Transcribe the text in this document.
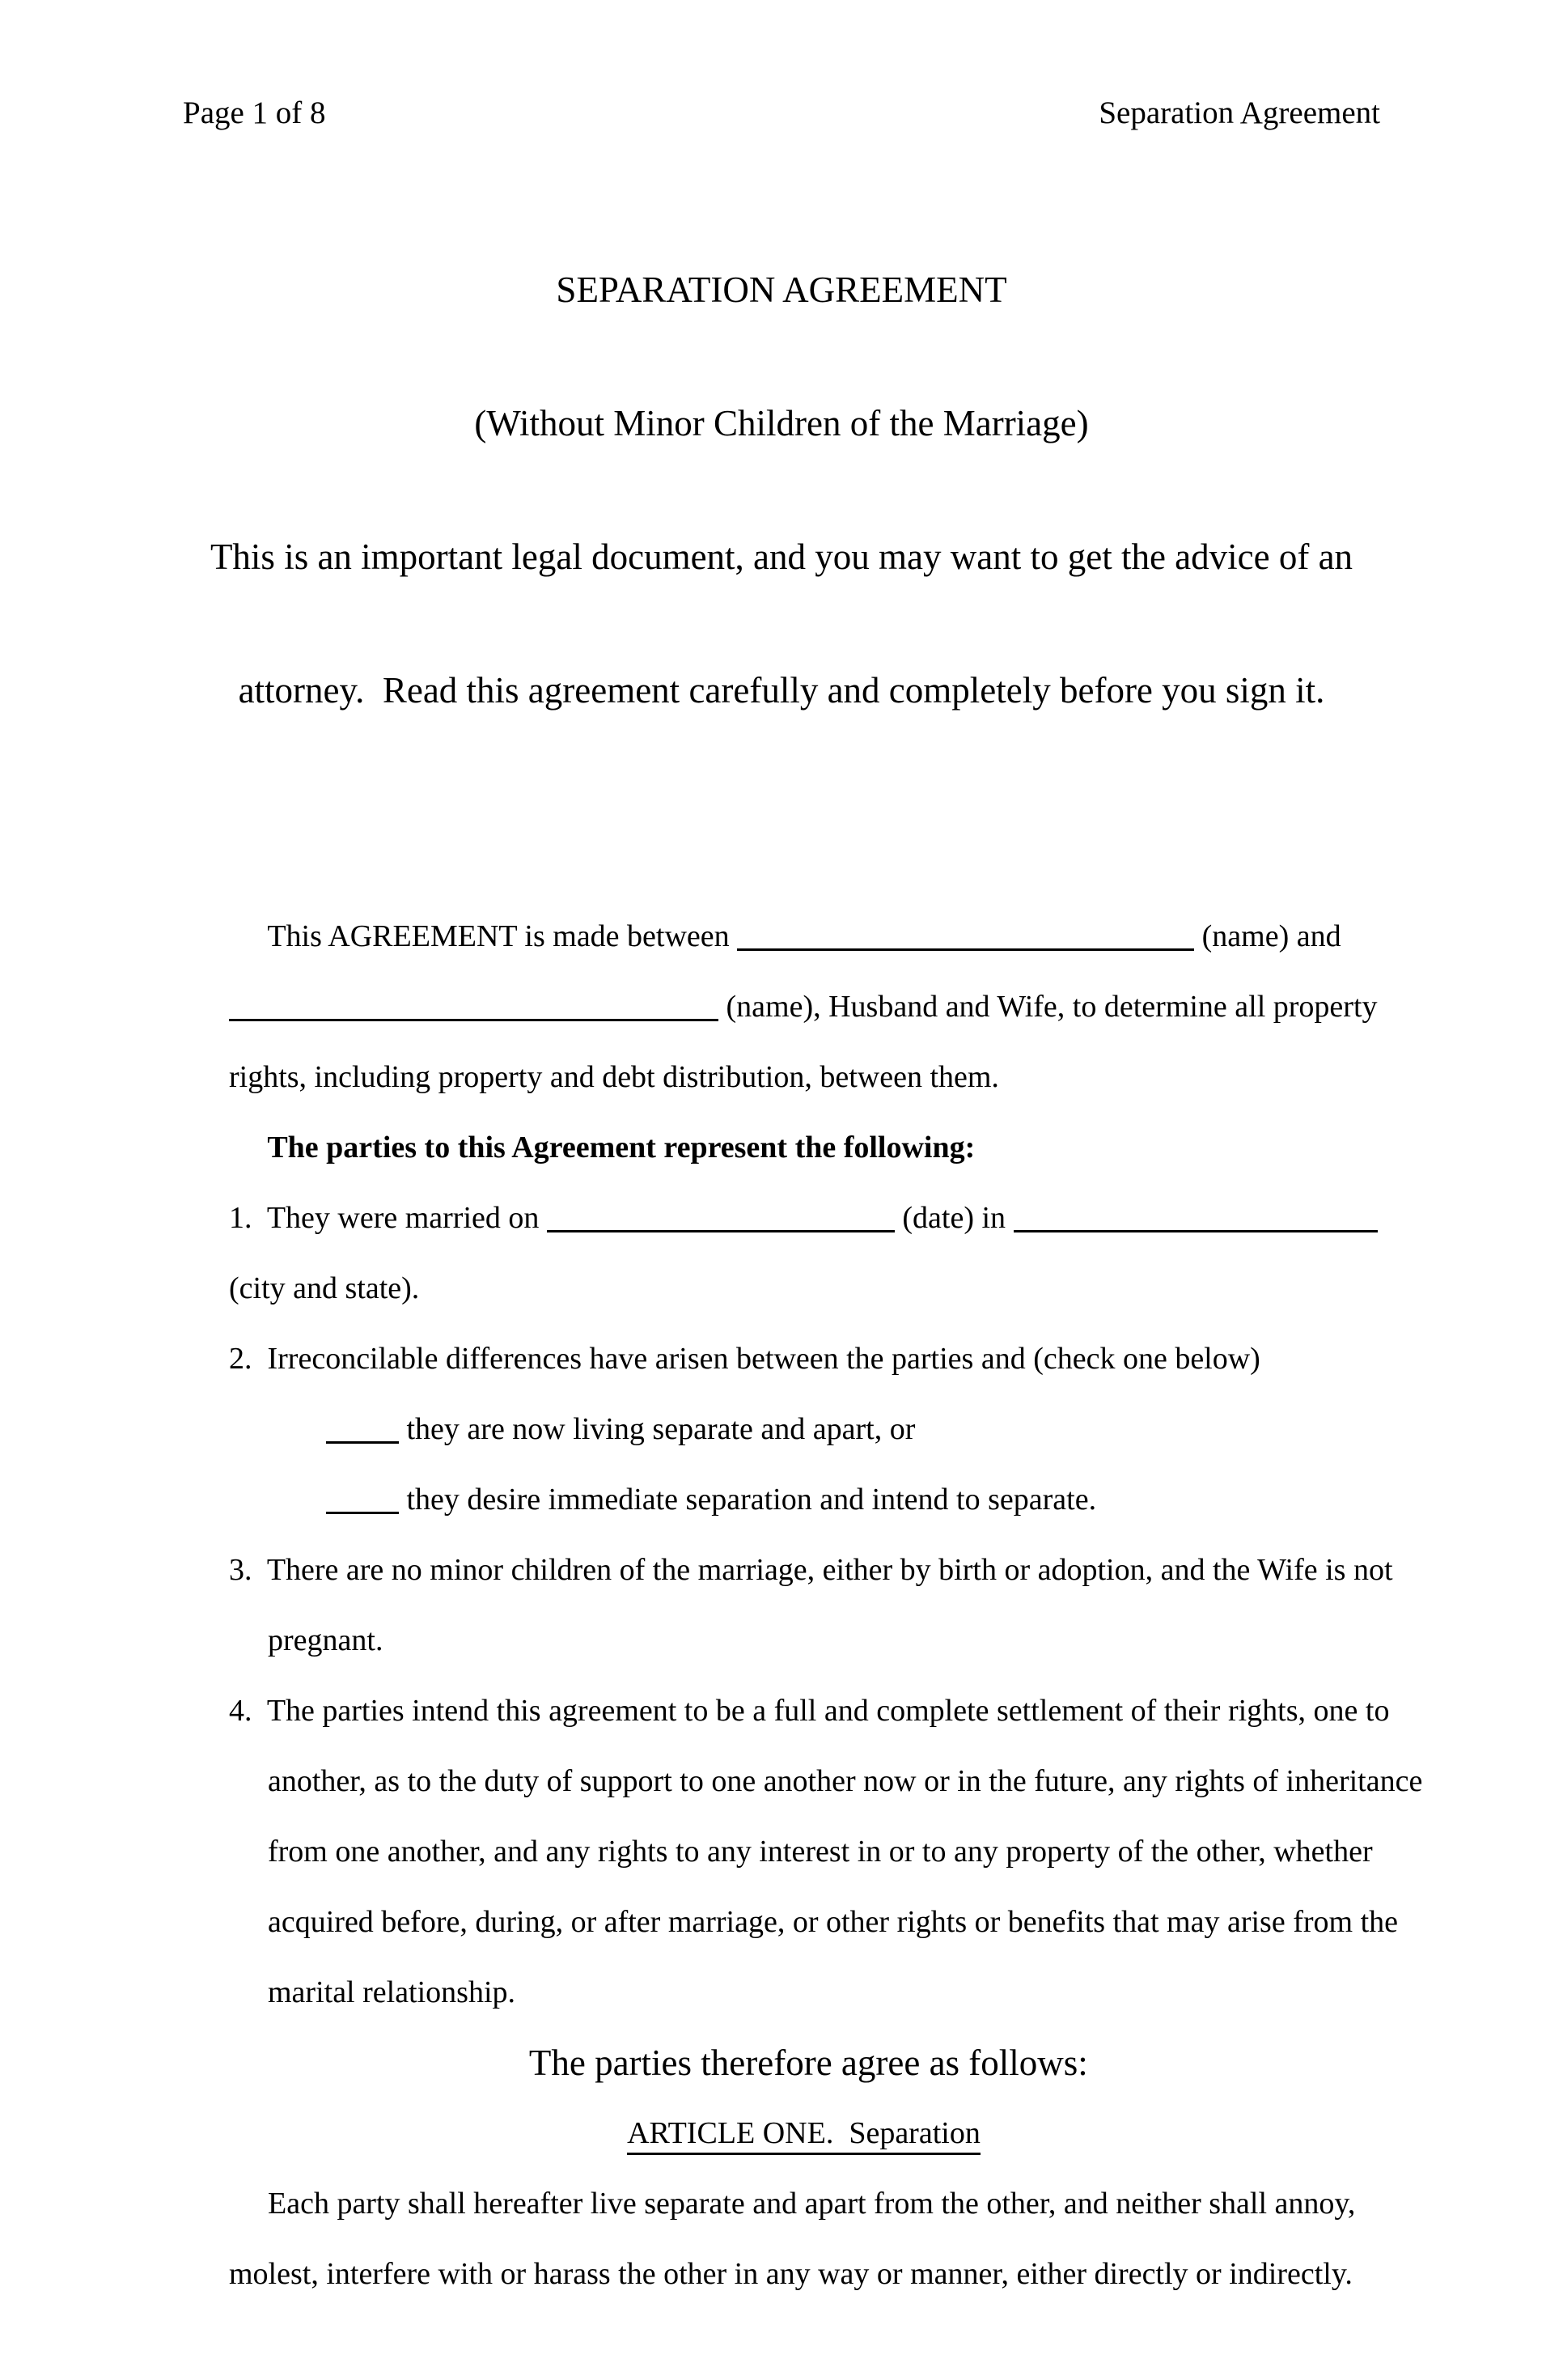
Page 1 of 8	Separation Agreement

SEPARATION AGREEMENT

(Without Minor Children of the Marriage)

This is an important legal document, and you may want to get the advice of an

attorney.  Read this agreement carefully and completely before you sign it.

This AGREEMENT is made between	(name) and

(name), Husband and Wife, to determine all property

rights, including property and debt distribution, between them.

The parties to this Agreement represent the following:

1.  They were married on	(date) in

(city and state).

2.  Irreconcilable differences have arisen between the parties and (check one below)

they are now living separate and apart, or

they desire immediate separation and intend to separate.

3.  There are no minor children of the marriage, either by birth or adoption, and the Wife is not

pregnant.

4.  The parties intend this agreement to be a full and complete settlement of their rights, one to

another, as to the duty of support to one another now or in the future, any rights of inheritance

from one another, and any rights to any interest in or to any property of the other, whether

acquired before, during, or after marriage, or other rights or benefits that may arise from the

marital relationship.

The parties therefore agree as follows:

ARTICLE ONE.  Separation

Each party shall hereafter live separate and apart from the other, and neither shall annoy,

molest, interfere with or harass the other in any way or manner, either directly or indirectly.
